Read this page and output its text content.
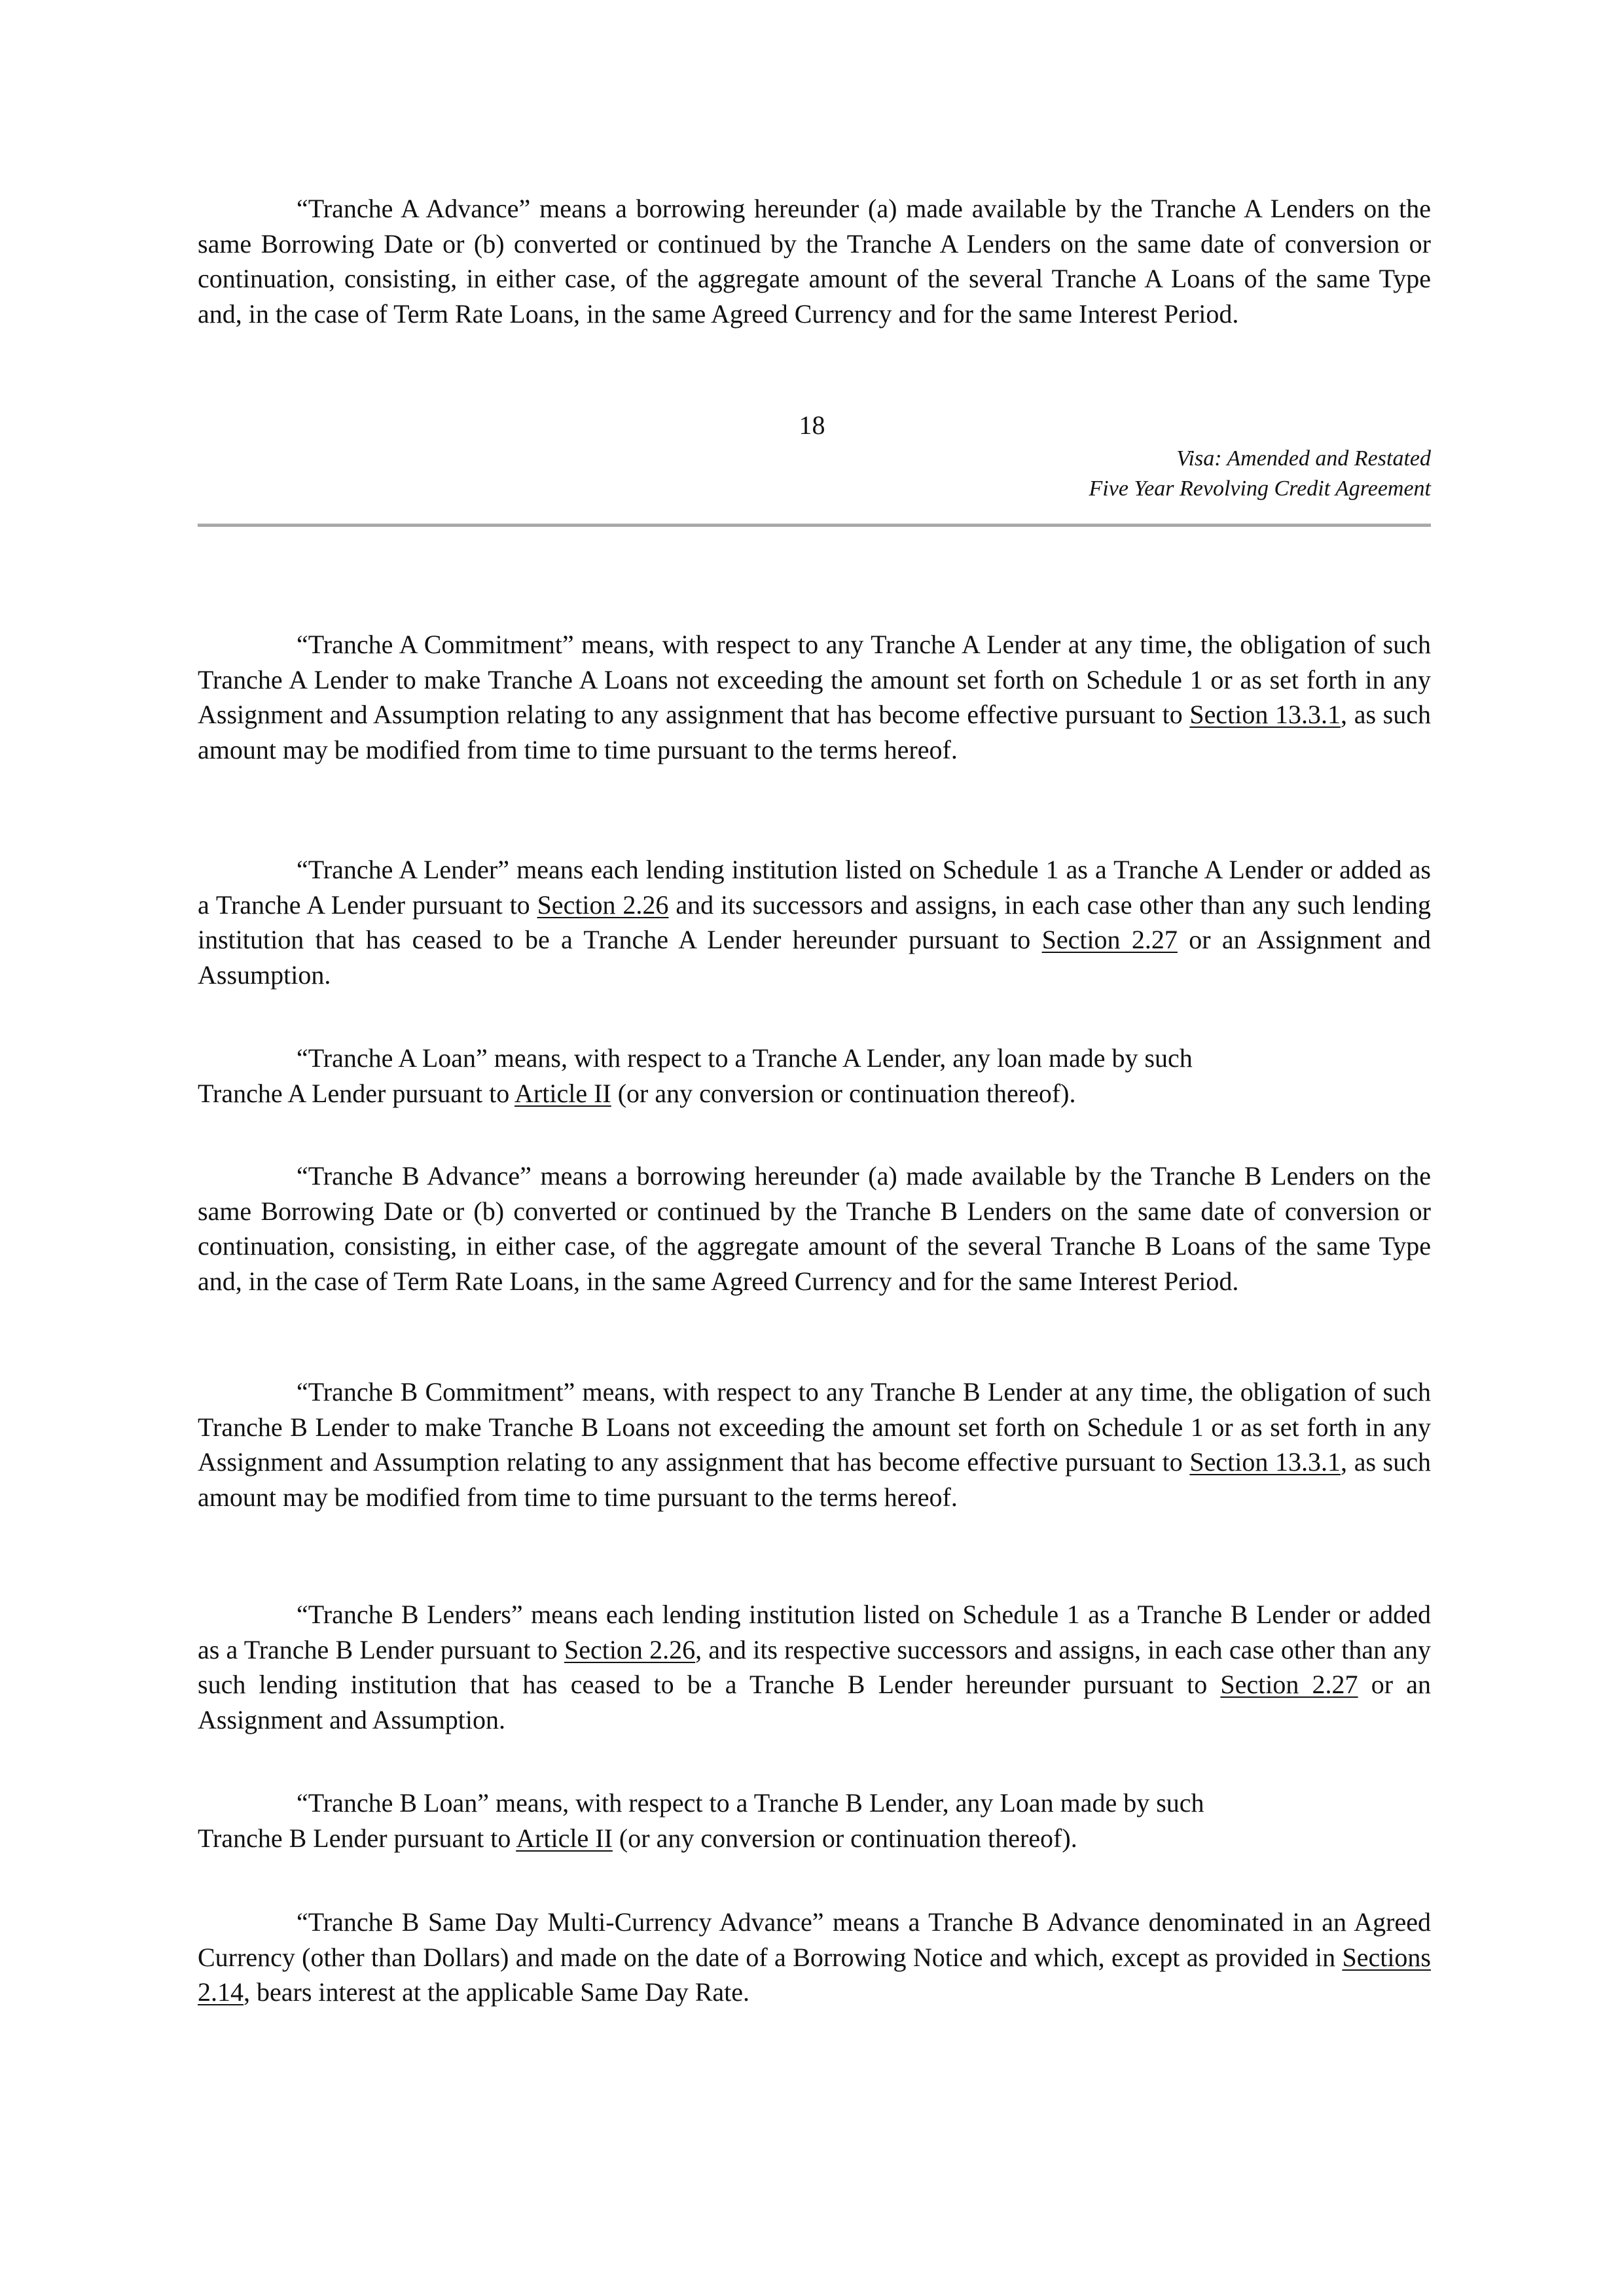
“Tranche A Advance” means a borrowing hereunder (a) made available by the Tranche A Lenders on the same Borrowing Date or (b) converted or continued by the Tranche A Lenders on the same date of conversion or continuation, consisting, in either case, of the aggregate amount of the several Tranche A Loans of the same Type and, in the case of Term Rate Loans, in the same Agreed Currency and for the same Interest Period.

18
Visa: Amended and Restated
Five Year Revolving Credit Agreement

“Tranche A Commitment” means, with respect to any Tranche A Lender at any time, the obligation of such Tranche A Lender to make Tranche A Loans not exceeding the amount set forth on Schedule 1 or as set forth in any Assignment and Assumption relating to any assignment that has become effective pursuant to Section 13.3.1, as such amount may be modified from time to time pursuant to the terms hereof.

“Tranche A Lender” means each lending institution listed on Schedule 1 as a Tranche A Lender or added as a Tranche A Lender pursuant to Section 2.26 and its successors and assigns, in each case other than any such lending institution that has ceased to be a Tranche A Lender hereunder pursuant to Section 2.27 or an Assignment and Assumption.

“Tranche A Loan” means, with respect to a Tranche A Lender, any loan made by such

Tranche A Lender pursuant to Article II (or any conversion or continuation thereof).

“Tranche B Advance” means a borrowing hereunder (a) made available by the Tranche B Lenders on the same Borrowing Date or (b) converted or continued by the Tranche B Lenders on the same date of conversion or continuation, consisting, in either case, of the aggregate amount of the several Tranche B Loans of the same Type and, in the case of Term Rate Loans, in the same Agreed Currency and for the same Interest Period.

“Tranche B Commitment” means, with respect to any Tranche B Lender at any time, the obligation of such Tranche B Lender to make Tranche B Loans not exceeding the amount set forth on Schedule 1 or as set forth in any Assignment and Assumption relating to any assignment that has become effective pursuant to Section 13.3.1, as such amount may be modified from time to time pursuant to the terms hereof.

“Tranche B Lenders” means each lending institution listed on Schedule 1 as a Tranche B Lender or added as a Tranche B Lender pursuant to Section 2.26, and its respective successors and assigns, in each case other than any such lending institution that has ceased to be a Tranche B Lender hereunder pursuant to Section 2.27 or an Assignment and Assumption.

“Tranche B Loan” means, with respect to a Tranche B Lender, any Loan made by such

Tranche B Lender pursuant to Article II (or any conversion or continuation thereof).

“Tranche B Same Day Multi-Currency Advance” means a Tranche B Advance denominated in an Agreed Currency (other than Dollars) and made on the date of a Borrowing Notice and which, except as provided in Sections 2.14, bears interest at the applicable Same Day Rate.
